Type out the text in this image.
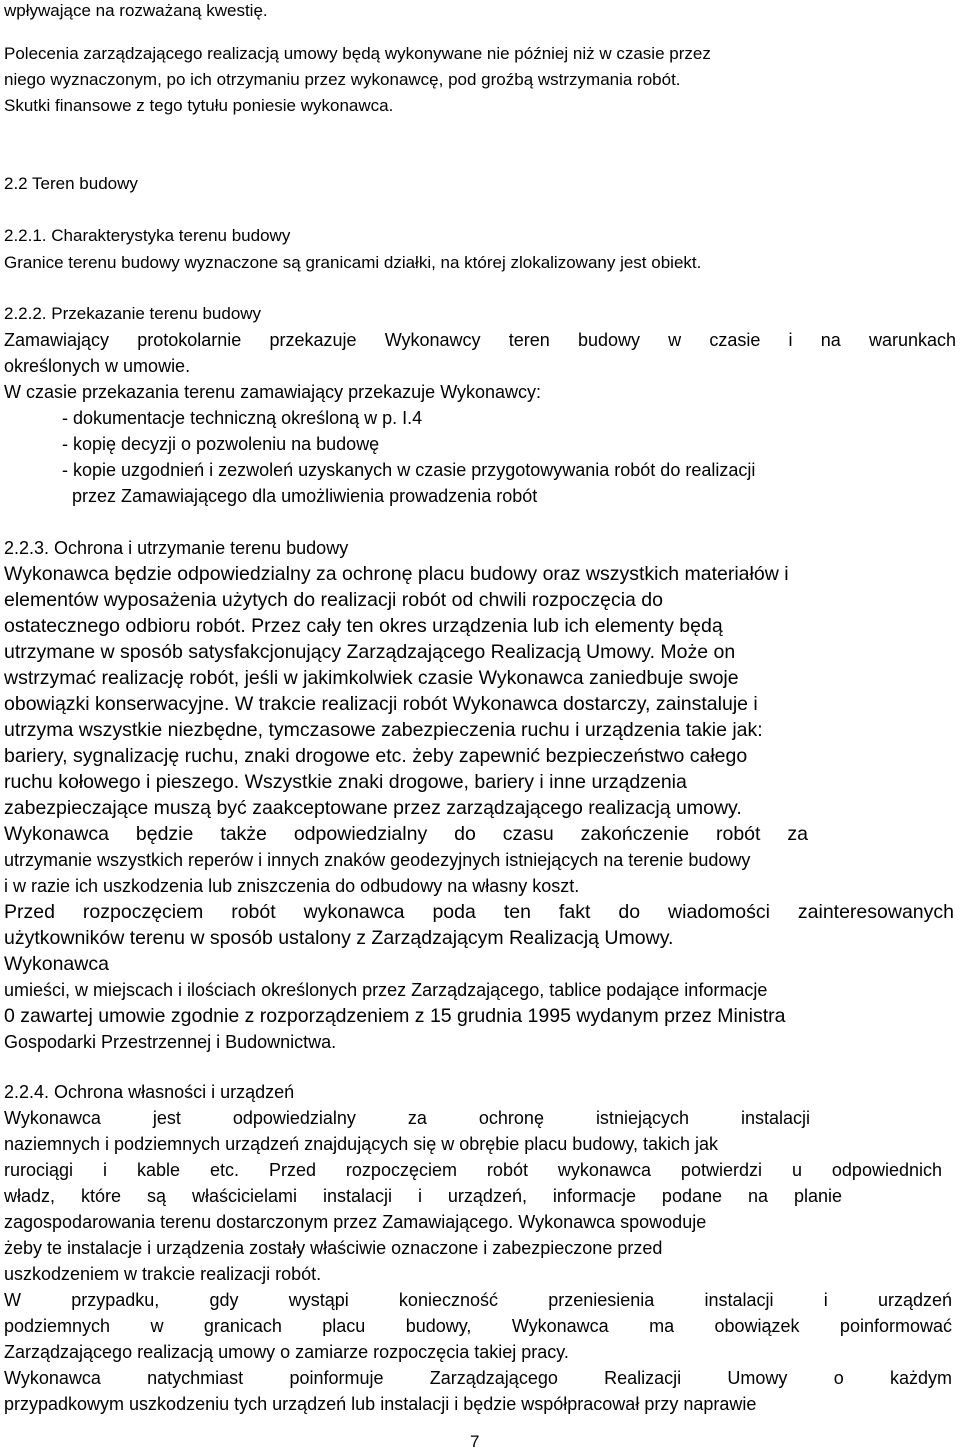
wpływające na rozważaną kwestię.
Polecenia zarządzającego realizacją umowy będą wykonywane nie później niż w czasie przez
niego wyznaczonym, po ich otrzymaniu przez wykonawcę, pod groźbą wstrzymania robót.
Skutki finansowe z tego tytułu poniesie wykonawca.
2.2 Teren budowy
2.2.1. Charakterystyka terenu budowy
Granice terenu budowy wyznaczone są granicami działki, na której zlokalizowany jest obiekt.
2.2.2. Przekazanie terenu budowy
Zamawiający protokolarnie przekazuje Wykonawcy teren budowy w czasie i na warunkach
określonych w umowie.
W czasie przekazania terenu zamawiający przekazuje Wykonawcy:
- dokumentacje techniczną określoną w p. I.4
- kopię decyzji o pozwoleniu na budowę
- kopie uzgodnień i zezwoleń uzyskanych w czasie przygotowywania robót do realizacji
przez Zamawiającego dla umożliwienia prowadzenia robót
2.2.3. Ochrona i utrzymanie terenu budowy
Wykonawca będzie odpowiedzialny za ochronę placu budowy oraz wszystkich materiałów i
elementów wyposażenia użytych do realizacji robót od chwili rozpoczęcia do
ostatecznego odbioru robót. Przez cały ten okres urządzenia lub ich elementy będą
utrzymane w sposób satysfakcjonujący Zarządzającego Realizacją Umowy. Może on
wstrzymać realizację robót, jeśli w jakimkolwiek czasie Wykonawca zaniedbuje swoje
obowiązki konserwacyjne. W trakcie realizacji robót Wykonawca dostarczy, zainstaluje i
utrzyma wszystkie niezbędne, tymczasowe zabezpieczenia ruchu i urządzenia takie jak:
bariery, sygnalizację ruchu, znaki drogowe etc. żeby zapewnić bezpieczeństwo całego
ruchu kołowego i pieszego. Wszystkie znaki drogowe, bariery i inne urządzenia
zabezpieczające muszą być zaakceptowane przez zarządzającego realizacją umowy.
Wykonawca będzie także odpowiedzialny do czasu zakończenie robót za
utrzymanie wszystkich reperów i innych znaków geodezyjnych istniejących na terenie budowy
i w razie ich uszkodzenia lub zniszczenia do odbudowy na własny koszt.
Przed rozpoczęciem robót wykonawca poda ten fakt do wiadomości zainteresowanych
użytkowników terenu w sposób ustalony z Zarządzającym Realizacją Umowy.
Wykonawca
umieści, w miejscach i ilościach określonych przez Zarządzającego, tablice podające informacje
0 zawartej umowie zgodnie z rozporządzeniem z 15 grudnia 1995 wydanym przez Ministra
Gospodarki Przestrzennej i Budownictwa.
2.2.4. Ochrona własności i urządzeń
Wykonawca jest odpowiedzialny za ochronę istniejących instalacji
naziemnych i podziemnych urządzeń znajdujących się w obrębie placu budowy, takich jak
rurociągi i kable etc. Przed rozpoczęciem robót wykonawca potwierdzi u odpowiednich
władz, które są właścicielami instalacji i urządzeń, informacje podane na planie
zagospodarowania terenu dostarczonym przez Zamawiającego. Wykonawca spowoduje
żeby te instalacje i urządzenia zostały właściwie oznaczone i zabezpieczone przed
uszkodzeniem w trakcie realizacji robót.
W przypadku, gdy wystąpi konieczność przeniesienia instalacji i urządzeń
podziemnych w granicach placu budowy, Wykonawca ma obowiązek poinformować
Zarządzającego realizacją umowy o zamiarze rozpoczęcia takiej pracy.
Wykonawca natychmiast poinformuje Zarządzającego Realizacji Umowy o każdym
przypadkowym uszkodzeniu tych urządzeń lub instalacji i będzie współpracował przy naprawie
7
